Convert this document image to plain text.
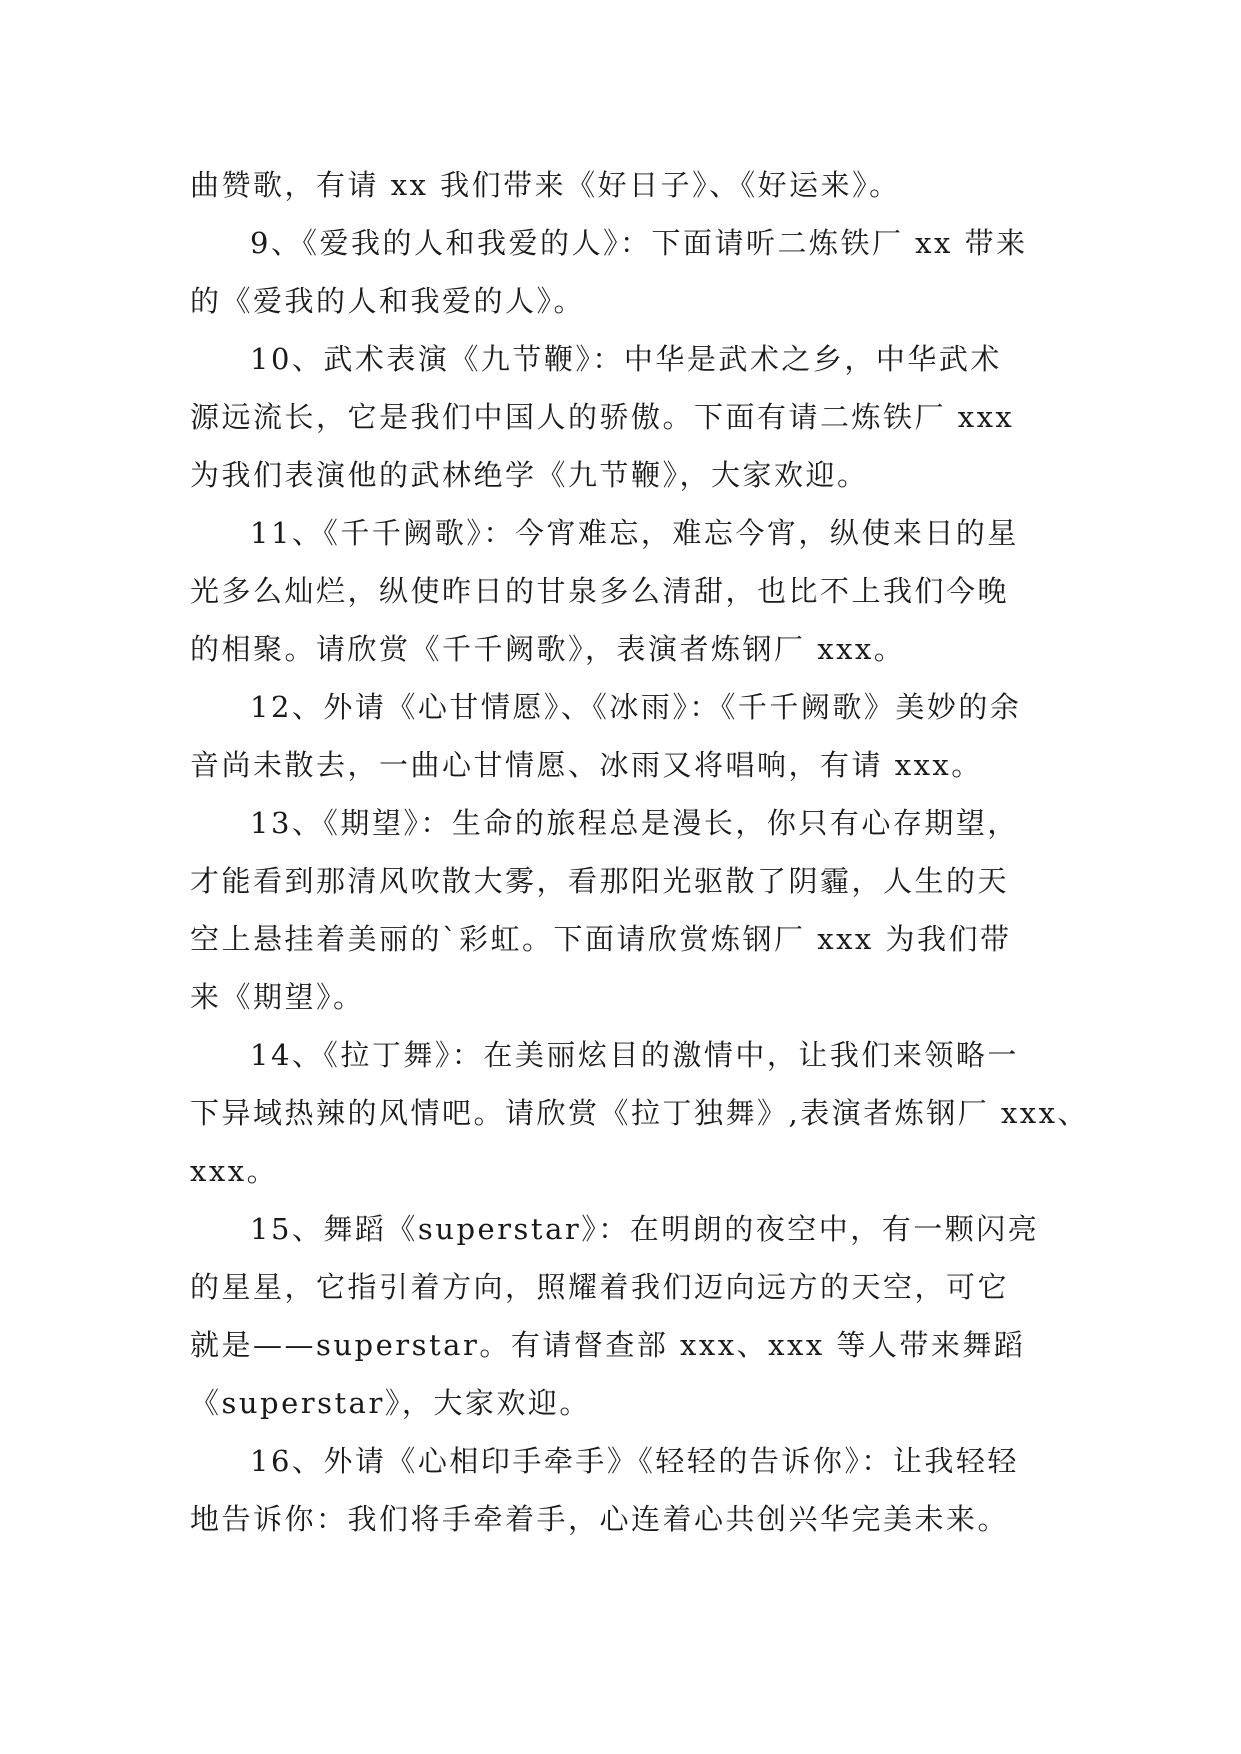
曲赞歌，有请 xx 我们带来《好日子》、《好运来》。
9、《爱我的人和我爱的人》：下面请听二炼铁厂 xx 带来
的《爱我的人和我爱的人》。
10、武术表演《九节鞭》：中华是武术之乡，中华武术
源远流长，它是我们中国人的骄傲。下面有请二炼铁厂 xxx
为我们表演他的武林绝学《九节鞭》，大家欢迎。
11、《千千阙歌》：今宵难忘，难忘今宵，纵使来日的星
光多么灿烂，纵使昨日的甘泉多么清甜，也比不上我们今晚
的相聚。请欣赏《千千阙歌》，表演者炼钢厂 xxx。
12、外请《心甘情愿》、《冰雨》：《千千阙歌》美妙的余
音尚未散去，一曲心甘情愿、冰雨又将唱响，有请 xxx。
13、《期望》：生命的旅程总是漫长，你只有心存期望，
才能看到那清风吹散大雾，看那阳光驱散了阴霾，人生的天
空上悬挂着美丽的`彩虹。下面请欣赏炼钢厂 xxx 为我们带
来《期望》。
14、《拉丁舞》：在美丽炫目的激情中，让我们来领略一
下异域热辣的风情吧。请欣赏《拉丁独舞》,表演者炼钢厂 xxx、
xxx。
15、舞蹈《superstar》：在明朗的夜空中，有一颗闪亮
的星星，它指引着方向，照耀着我们迈向远方的天空，可它
就是——superstar。有请督查部 xxx、xxx 等人带来舞蹈
《superstar》，大家欢迎。
16、外请《心相印手牵手》《轻轻的告诉你》：让我轻轻
地告诉你：我们将手牵着手，心连着心共创兴华完美未来。
